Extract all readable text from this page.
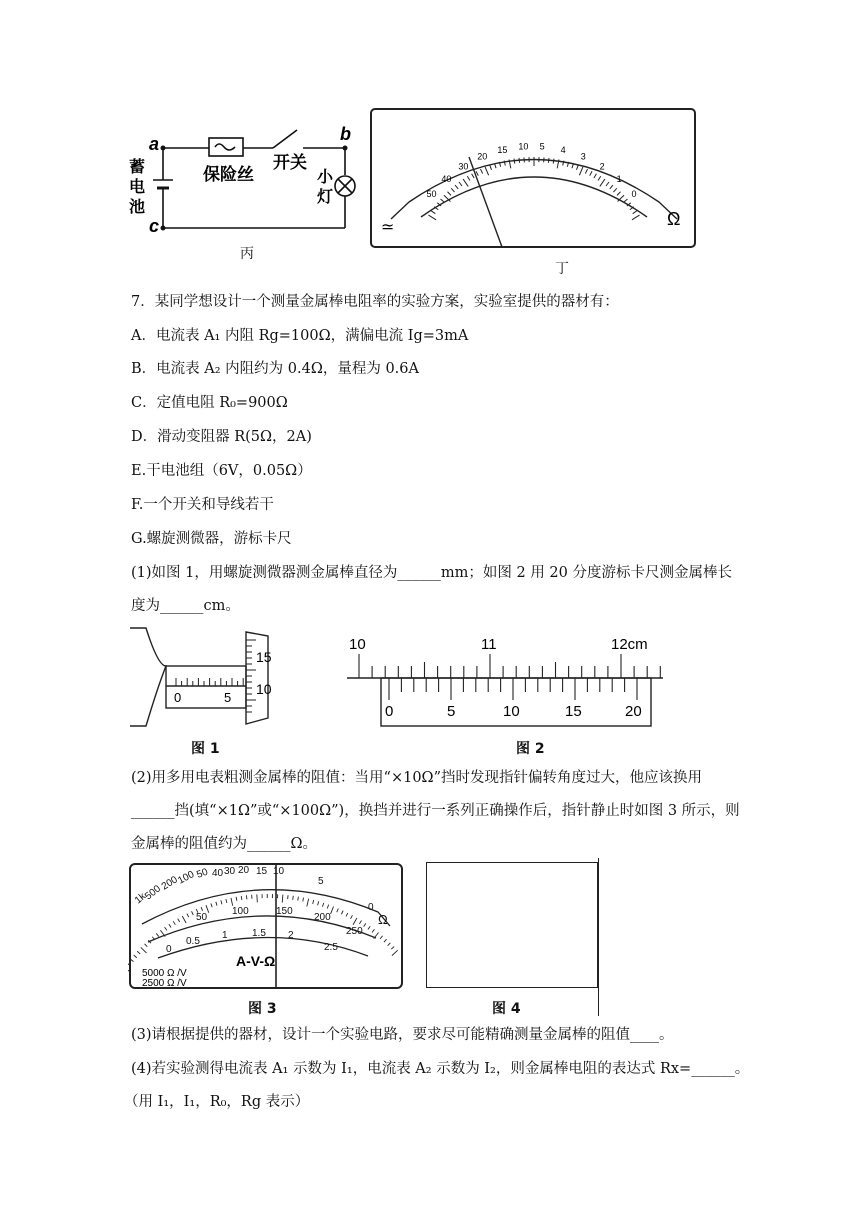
a	b
c
保险丝
开关
蓄
电
池
小
灯
丙
Ω
≃
50
40
30
20
15 10 5 4
3
2
1
0
丁
7．某同学想设计一个测量金属棒电阻率的实验方案，实验室提供的器材有：
A．电流表 A₁ 内阻 Rg=100Ω，满偏电流 Ig=3mA
B．电流表 A₂ 内阻约为 0.4Ω，量程为 0.6A
C．定值电阻 R₀=900Ω
D．滑动变阻器 R(5Ω，2A)
E.干电池组（6V，0.05Ω）
F.一个开关和导线若干
G.螺旋测微器，游标卡尺
(1)如图 1，用螺旋测微器测金属棒直径为______mm；如图 2 用 20 分度游标卡尺测金属棒长
度为______cm。
15
10
0	5
图 1
10	11	12cm
0	5	10	15	20
图 2
(2)用多用电表粗测金属棒的阻值：当用“×10Ω”挡时发现指针偏转角度过大，他应该换用
______挡(填“×1Ω”或“×100Ω”)，换挡并进行一系列正确操作后，指针静止时如图 3 所示，则
金属棒的阻值约为______Ω。
1k
500
200
100 50 40 30 20 15 10
5
0
Ω
50
100	150
200
250
0
0.5
1 1.5 2
2.5
A-V-Ω
5000 Ω /V
2500 Ω /V
图 3	图 4
(3)请根据提供的器材，设计一个实验电路，要求尽可能精确测量金属棒的阻值____。
(4)若实验测得电流表 A₁ 示数为 I₁，电流表 A₂ 示数为 I₂，则金属棒电阻的表达式 Rx=______。
（用 I₁，I₁，R₀，Rg 表示）
